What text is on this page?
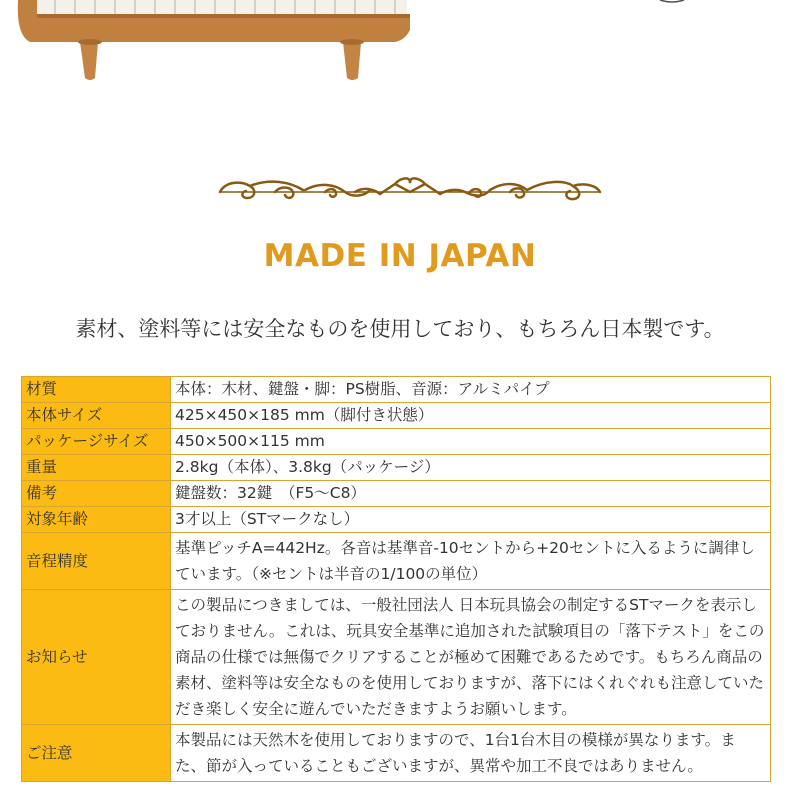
MADE IN JAPAN
素材、塗料等には安全なものを使用しており、もちろん日本製です。
材質	本体：木材、鍵盤・脚：PS樹脂、音源：アルミパイプ
本体サイズ	425×450×185 mm（脚付き状態）
パッケージサイズ	450×500×115 mm
重量	2.8kg（本体）、3.8kg（パッケージ）
備考	鍵盤数：32鍵　（F5～C8）
対象年齢	3才以上（STマークなし）
音程精度	基準ピッチA=442Hz。各音は基準音-10セントから+20セントに入るように調律しています。（※セントは半音の1/100の単位）
お知らせ	この製品につきましては、一般社団法人 日本玩具協会の制定するSTマークを表示しておりません。これは、玩具安全基準に追加された試験項目の「落下テスト」をこの商品の仕様では無傷でクリアすることが極めて困難であるためです。もちろん商品の素材、塗料等は安全なものを使用しておりますが、落下にはくれぐれも注意していただき楽しく安全に遊んでいただきますようお願いします。
ご注意	本製品には天然木を使用しておりますので、1台1台木目の模様が異なります。また、節が入っていることもございますが、異常や加工不良ではありません。
